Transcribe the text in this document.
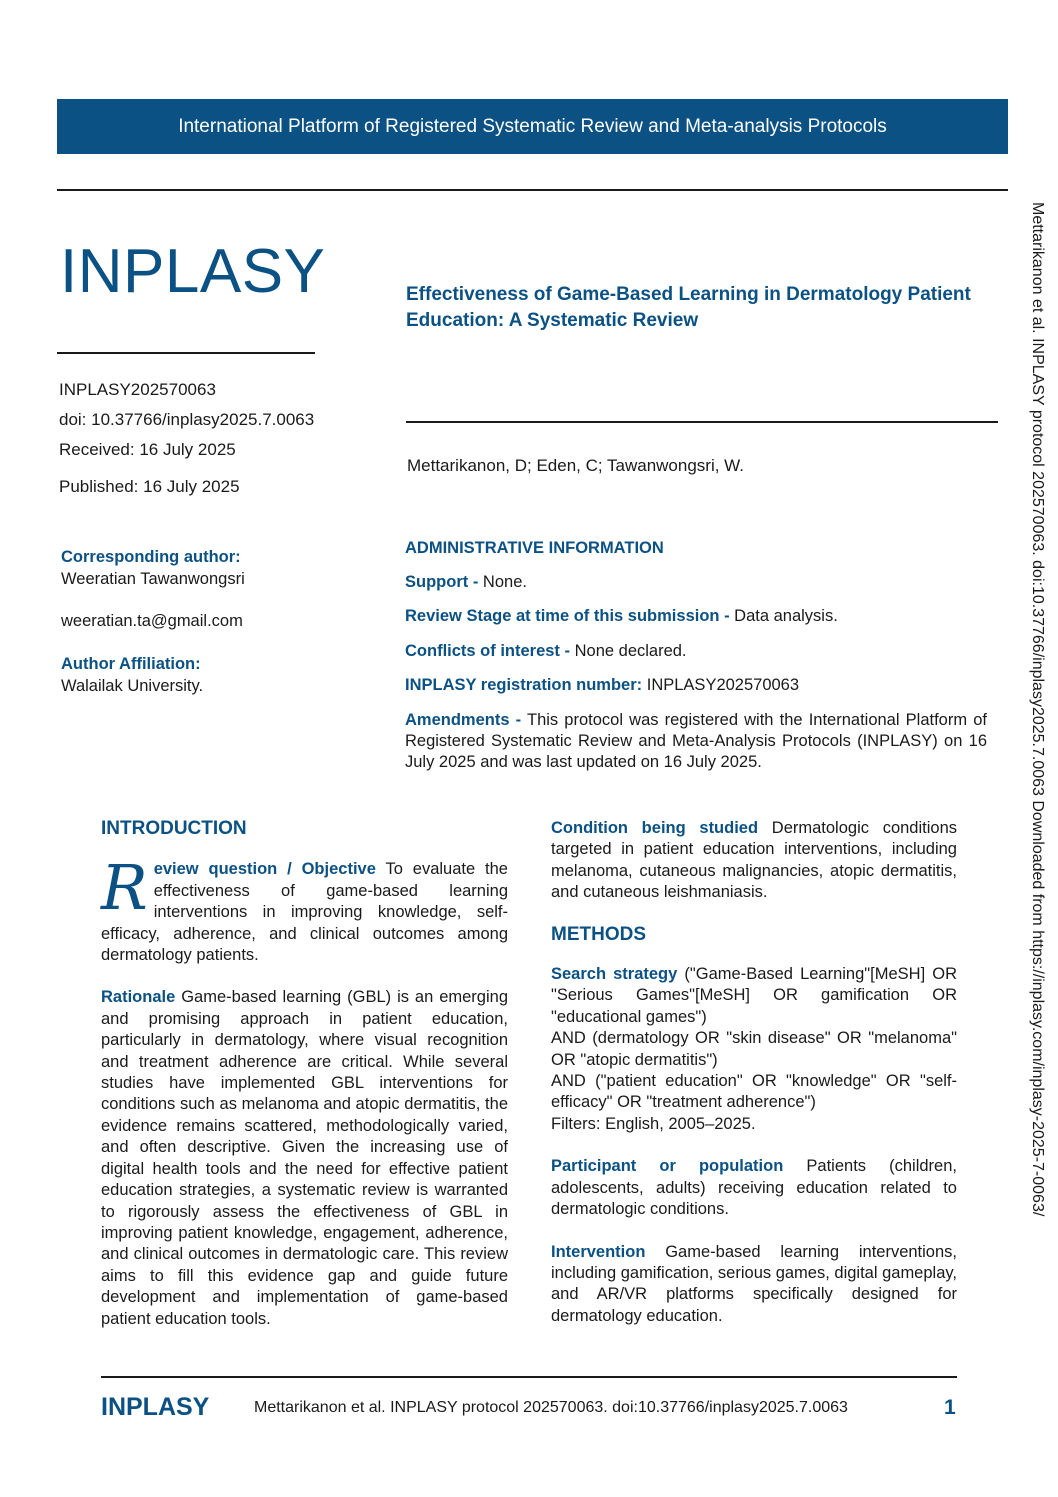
International Platform of Registered Systematic Review and Meta-analysis Protocols
INPLASY	Effectiveness of Game-Based Learning in Dermatology Patient Education: A Systematic Review
INPLASY202570063
doi: 10.37766/inplasy2025.7.0063
Received: 16 July 2025
Published: 16 July 2025
Mettarikanon, D; Eden, C; Tawanwongsri, W.
Corresponding author:
Weeratian Tawanwongsri
weeratian.ta@gmail.com
Author Affiliation:
Walailak University.
ADMINISTRATIVE INFORMATION
Support - None.
Review Stage at time of this submission - Data analysis.
Conflicts of interest - None declared.
INPLASY registration number: INPLASY202570063
Amendments - This protocol was registered with the International Platform of Registered Systematic Review and Meta-Analysis Protocols (INPLASY) on 16 July 2025 and was last updated on 16 July 2025.
INTRODUCTION

Review question / Objective To evaluate the effectiveness of game-based learning interventions in improving knowledge, self-efficacy, adherence, and clinical outcomes among dermatology patients.

Rationale Game-based learning (GBL) is an emerging and promising approach in patient education, particularly in dermatology, where visual recognition and treatment adherence are critical. While several studies have implemented GBL interventions for conditions such as melanoma and atopic dermatitis, the evidence remains scattered, methodologically varied, and often descriptive. Given the increasing use of digital health tools and the need for effective patient education strategies, a systematic review is warranted to rigorously assess the effectiveness of GBL in improving patient knowledge, engagement, adherence, and clinical outcomes in dermatologic care. This review aims to fill this evidence gap and guide future development and implementation of game-based patient education tools.

Condition being studied Dermatologic conditions targeted in patient education interventions, including melanoma, cutaneous malignancies, atopic dermatitis, and cutaneous leishmaniasis.

METHODS

Search strategy ("Game-Based Learning"[MeSH] OR "Serious Games"[MeSH] OR gamification OR "educational games")
AND (dermatology OR "skin disease" OR "melanoma" OR "atopic dermatitis")
AND ("patient education" OR "knowledge" OR "self-efficacy" OR "treatment adherence")
Filters: English, 2005–2025.

Participant or population Patients (children, adolescents, adults) receiving education related to dermatologic conditions.

Intervention Game-based learning interventions, including gamification, serious games, digital gameplay, and AR/VR platforms specifically designed for dermatology education.

INPLASY	Mettarikanon et al. INPLASY protocol 202570063. doi:10.37766/inplasy2025.7.0063	1
Mettarikanon et al. INPLASY protocol 202570063. doi:10.37766/inplasy2025.7.0063 Downloaded from https://inplasy.com/inplasy-2025-7-0063/
